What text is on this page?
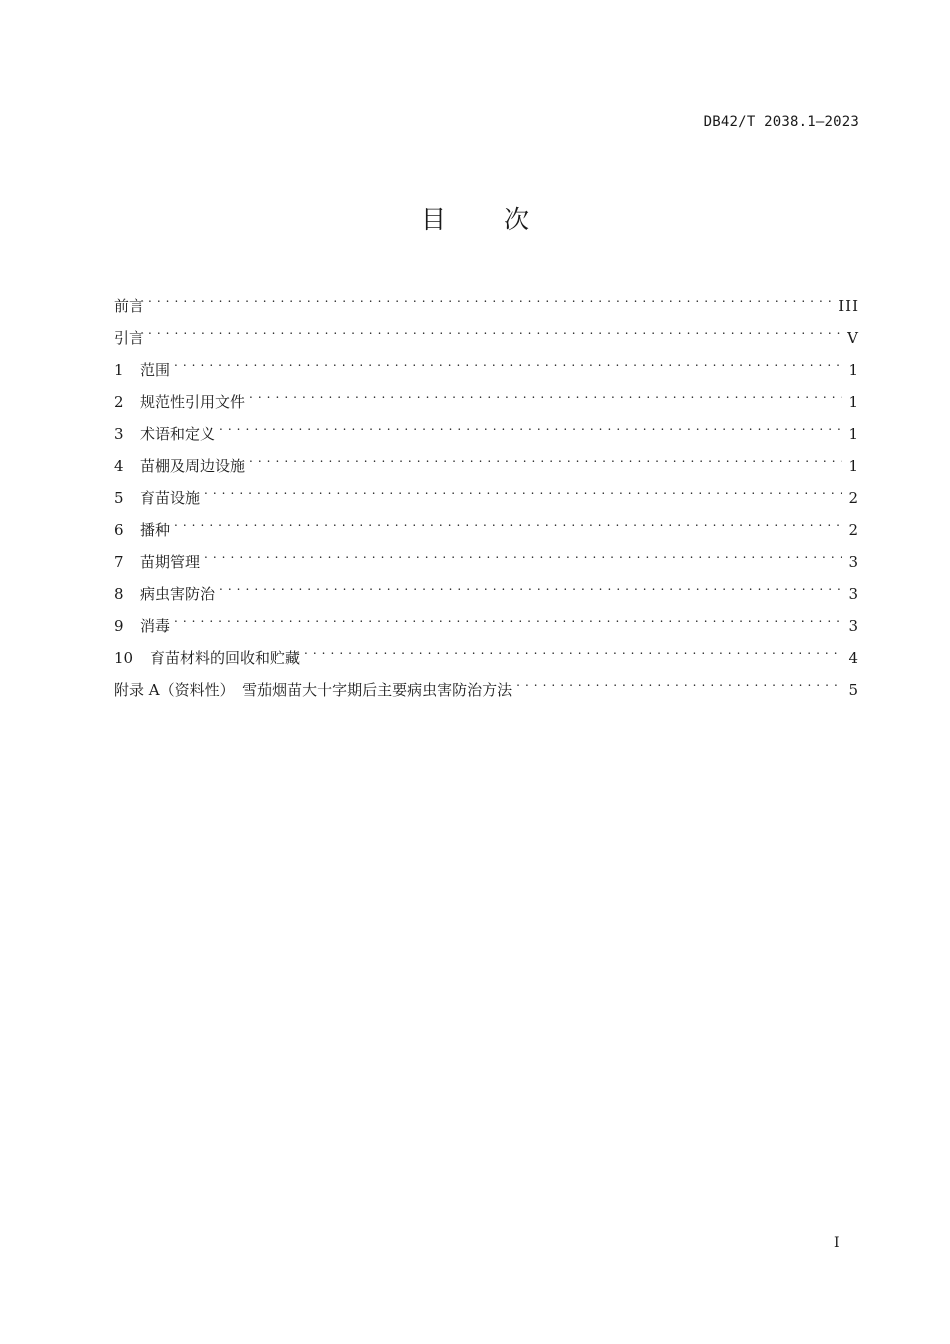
DB42/T 2038.1—2023
目 次
前言 . . .	III
引言 . . .	V
1	范围 . . .	1
2	规范性引用文件 . . .	1
3	术语和定义 . . .	1
4	苗棚及周边设施 . . .	1
5	育苗设施 . . .	2
6	播种 . . .	2
7	苗期管理 . . .	3
8	病虫害防治 . . .	3
9	消毒 . . .	3
10	育苗材料的回收和贮藏 . . .	4
附录 A（资料性）　雪茄烟苗大十字期后主要病虫害防治方法 . . .	5
I
